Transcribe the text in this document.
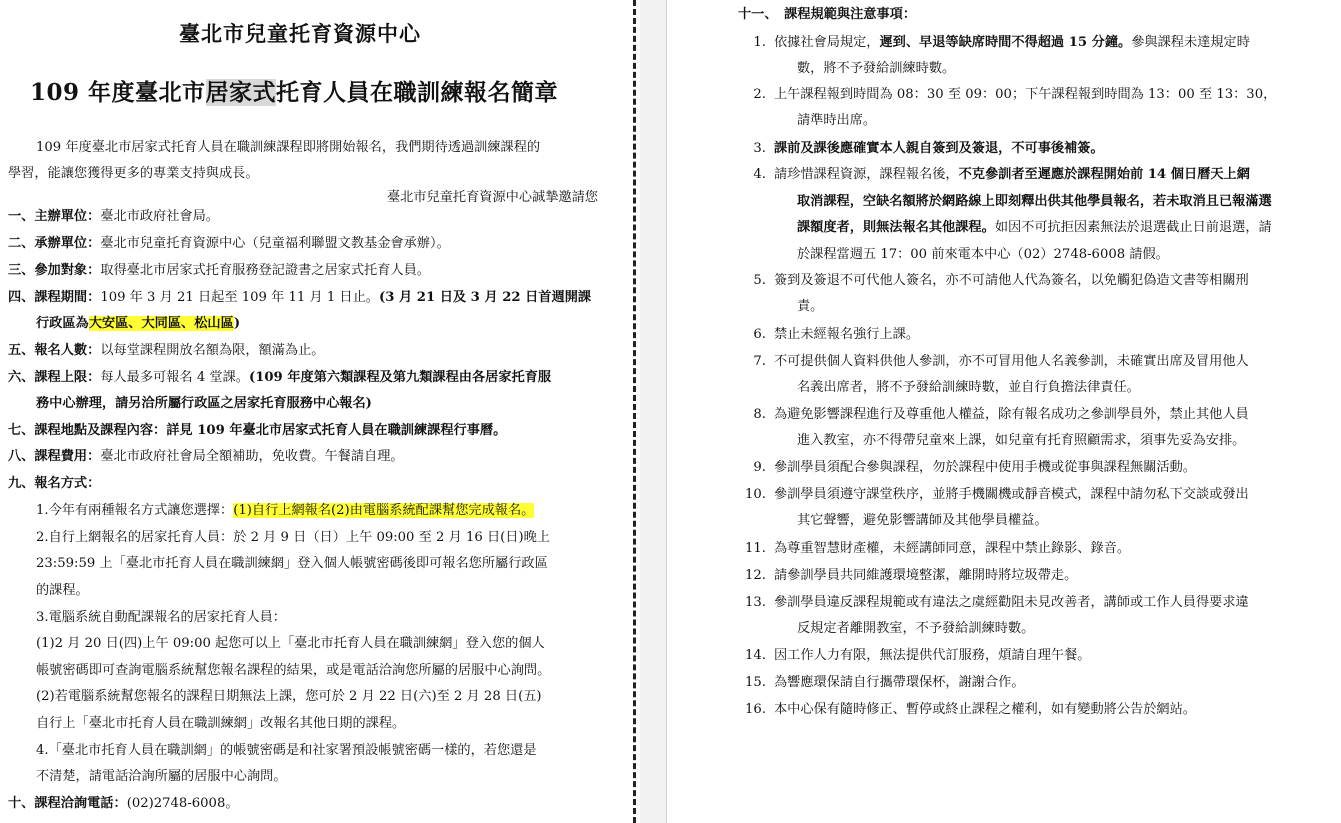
臺北市兒童托育資源中心
109 年度臺北市居家式托育人員在職訓練報名簡章
109 年度臺北市居家式托育人員在職訓練課程即將開始報名，我們期待透過訓練課程的
學習，能讓您獲得更多的專業支持與成長。
臺北市兒童托育資源中心誠摯邀請您
一、主辦單位：臺北市政府社會局。
二、承辦單位：臺北市兒童托育資源中心（兒童福利聯盟文教基金會承辦）。
三、參加對象：取得臺北市居家式托育服務登記證書之居家式托育人員。
四、課程期間：109 年 3 月 21 日起至 109 年 11 月 1 日止。(3 月 21 日及 3 月 22 日首週開課
行政區為大安區、大同區、松山區)
五、報名人數：以每堂課程開放名額為限，額滿為止。
六、課程上限：每人最多可報名 4 堂課。(109 年度第六類課程及第九類課程由各居家托育服
務中心辦理，請另洽所屬行政區之居家托育服務中心報名)
七、課程地點及課程內容：詳見 109 年臺北市居家式托育人員在職訓練課程行事曆。
八、課程費用：臺北市政府社會局全額補助，免收費。午餐請自理。
九、報名方式：
1.今年有兩種報名方式讓您選擇：(1)自行上網報名(2)由電腦系統配課幫您完成報名。
2.自行上網報名的居家托育人員：於 2 月 9 日（日）上午 09:00 至 2 月 16 日(日)晚上
23:59:59 上「臺北市托育人員在職訓練網」登入個人帳號密碼後即可報名您所屬行政區
的課程。
3.電腦系統自動配課報名的居家托育人員：
(1)2 月 20 日(四)上午 09:00 起您可以上「臺北市托育人員在職訓練網」登入您的個人
帳號密碼即可查詢電腦系統幫您報名課程的結果，或是電話洽詢您所屬的居服中心詢問。
(2)若電腦系統幫您報名的課程日期無法上課，您可於 2 月 22 日(六)至 2 月 28 日(五)
自行上「臺北市托育人員在職訓練網」改報名其他日期的課程。
4.「臺北市托育人員在職訓網」的帳號密碼是和社家署預設帳號密碼一樣的，若您還是
不清楚，請電話洽詢所屬的居服中心詢問。
十、課程洽詢電話：(02)2748-6008。
十一、　課程規範與注意事項：
1. 依據社會局規定，遲到、早退等缺席時間不得超過 15 分鐘。參與課程未達規定時
數，將不予發給訓練時數。
2. 上午課程報到時間為 08：30 至 09：00；下午課程報到時間為 13：00 至 13：30，
請準時出席。
3. 課前及課後應確實本人親自簽到及簽退，不可事後補簽。
4. 請珍惜課程資源，課程報名後，不克參訓者至遲應於課程開始前 14 個日曆天上網
取消課程，空缺名額將於網路線上即刻釋出供其他學員報名，若未取消且已報滿選
課額度者，則無法報名其他課程。如因不可抗拒因素無法於退選截止日前退選，請
於課程當週五 17：00 前來電本中心（02）2748-6008 請假。
5. 簽到及簽退不可代他人簽名，亦不可請他人代為簽名，以免觸犯偽造文書等相關刑
責。
6. 禁止未經報名強行上課。
7. 不可提供個人資料供他人參訓，亦不可冒用他人名義參訓，未確實出席及冒用他人
名義出席者，將不予發給訓練時數，並自行負擔法律責任。
8. 為避免影響課程進行及尊重他人權益，除有報名成功之參訓學員外，禁止其他人員
進入教室，亦不得帶兒童來上課，如兒童有托育照顧需求，須事先妥為安排。
9. 參訓學員須配合參與課程，勿於課程中使用手機或從事與課程無關活動。
10. 參訓學員須遵守課堂秩序，並將手機關機或靜音模式，課程中請勿私下交談或發出
其它聲響，避免影響講師及其他學員權益。
11. 為尊重智慧財產權，未經講師同意，課程中禁止錄影、錄音。
12. 請參訓學員共同維護環境整潔，離開時將垃圾帶走。
13. 參訓學員違反課程規範或有違法之虞經勸阻未見改善者，講師或工作人員得要求違
反規定者離開教室，不予發給訓練時數。
14. 因工作人力有限，無法提供代訂服務，煩請自理午餐。
15. 為響應環保請自行攜帶環保杯，謝謝合作。
16. 本中心保有隨時修正、暫停或終止課程之權利，如有變動將公告於網站。
